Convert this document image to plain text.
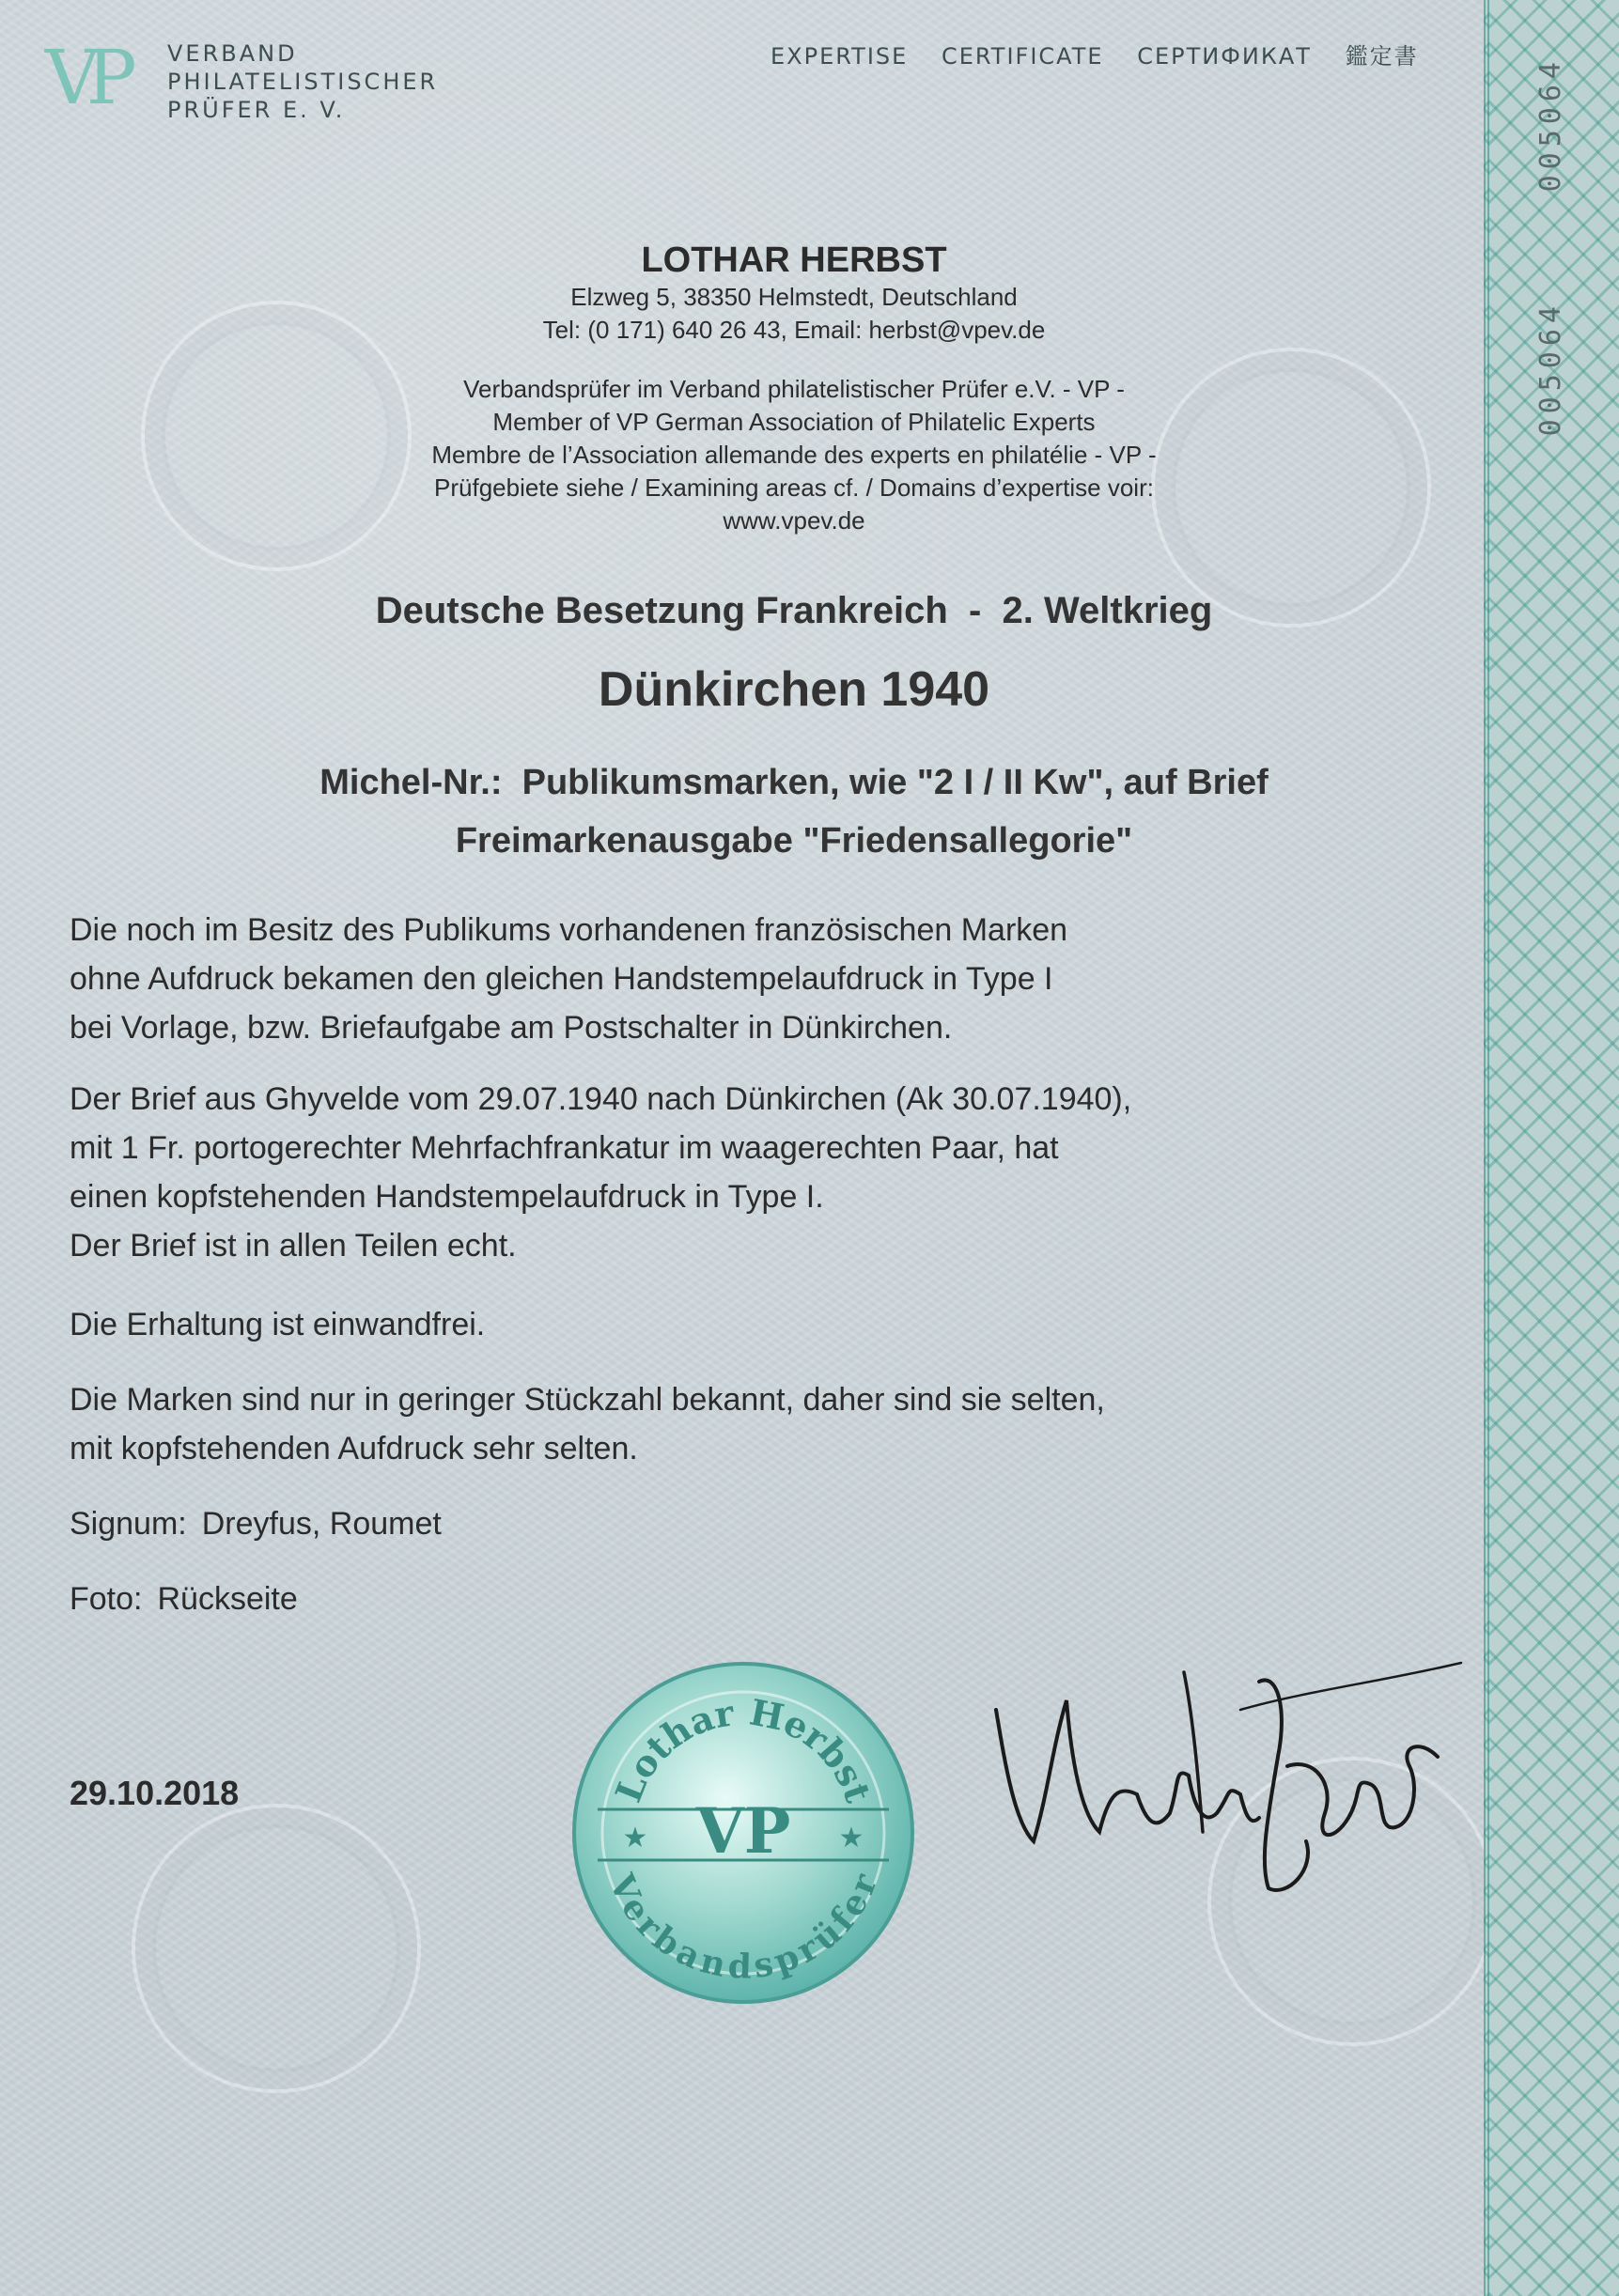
005064
005064
VP	VERBAND
PHILATELISTISCHER
PRÜFER E. V.
EXPERTISE CERTIFICATE СЕРТИФИКАТ 鑑定書
LOTHAR HERBST
Elzweg 5, 38350 Helmstedt, Deutschland
Tel: (0 171) 640 26 43, Email: herbst@vpev.de
Verbandsprüfer im Verband philatelistischer Prüfer e.V. - VP -
Member of VP German Association of Philatelic Experts
Membre de l’Association allemande des experts en philatélie - VP -
Prüfgebiete siehe / Examining areas cf. / Domains d’expertise voir:
www.vpev.de
Deutsche Besetzung Frankreich  -  2. Weltkrieg
Dünkirchen 1940
Michel-Nr.:  Publikumsmarken, wie "2 I / II Kw", auf Brief
Freimarkenausgabe "Friedensallegorie"
Die noch im Besitz des Publikums vorhandenen französischen Marken
ohne Aufdruck bekamen den gleichen Handstempelaufdruck in Type I
bei Vorlage, bzw. Briefaufgabe am Postschalter in Dünkirchen.
Der Brief aus Ghyvelde vom 29.07.1940 nach Dünkirchen (Ak 30.07.1940),
mit 1 Fr. portogerechter Mehrfachfrankatur im waagerechten Paar, hat
einen kopfstehenden Handstempelaufdruck in Type I.
Der Brief ist in allen Teilen echt.
Die Erhaltung ist einwandfrei.
Die Marken sind nur in geringer Stückzahl bekannt, daher sind sie selten,
mit kopfstehenden Aufdruck sehr selten.
Signum: Dreyfus, Roumet
Foto: Rückseite
29.10.2018	Lothar Herbst
VP
★	★
Verbandsprüfer
